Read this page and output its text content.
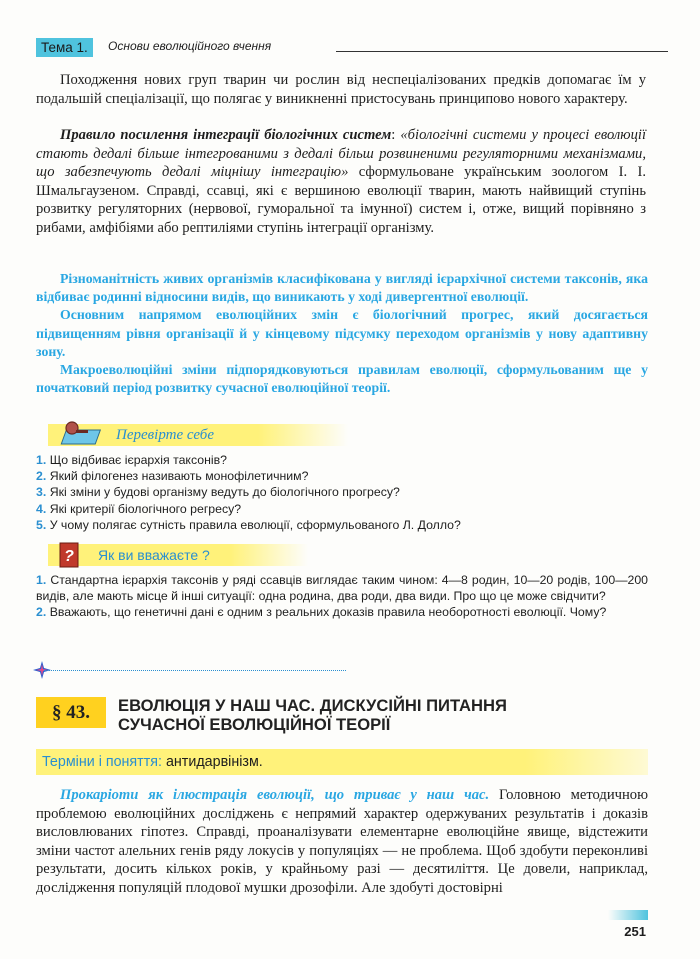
Тема 1.	Основи еволюційного вчення

Походження нових груп тварин чи рослин від неспеціалізованих предків допомагає їм у подальшій спеціалізації, що полягає у виникненні пристосувань принципово нового характеру.

Правило посилення інтеграції біологічних систем: «біологічні системи у процесі еволюції стають дедалі більше інтегрованими з дедалі більш розвиненими регуляторними механізмами, що забезпечують дедалі міцнішу інтеграцію» сформульоване українським зоологом І. І. Шмальгаузеном. Справді, ссавці, які є вершиною еволюції тварин, мають найвищий ступінь розвитку регуляторних (нервової, гуморальної та імунної) систем і, отже, вищий порівняно з рибами, амфібіями або рептиліями ступінь інтеграції організму.

Різноманітність живих організмів класифікована у вигляді ієрархічної системи таксонів, яка відбиває родинні відносини видів, що виникають у ході дивергентної еволюції.

Основним напрямом еволюційних змін є біологічний прогрес, який досягається підвищенням рівня організації й у кінцевому підсумку переходом організмів у нову адаптивну зону.

Макроеволюційні зміни підпорядковуються правилам еволюції, сформульованим ще у початковий період розвитку сучасної еволюційної теорії.

Перевірте себе
1. Що відбиває ієрархія таксонів?
2. Який філогенез називають монофілетичним?
3. Які зміни у будові організму ведуть до біологічного прогресу?
4. Які критерії біологічного регресу?
5. У чому полягає сутність правила еволюції, сформульованого Л. Долло?
? Як ви вважаєте ?
1. Стандартна ієрархія таксонів у ряді ссавців виглядає таким чином: 4—8 родин, 10—20 родів, 100—200 видів, але мають місце й інші ситуації: одна родина, два роди, два види. Про що це може свідчити?
2. Вважають, що генетичні дані є одним з реальних доказів правила необоротності еволюції. Чому?
§ 43.	ЕВОЛЮЦІЯ У НАШ ЧАС. ДИСКУСІЙНІ ПИТАННЯ
СУЧАСНОЇ ЕВОЛЮЦІЙНОЇ ТЕОРІЇ
Терміни і поняття: антидарвінізм.

Прокаріоти як ілюстрація еволюції, що триває у наш час. Головною методичною проблемою еволюційних досліджень є непрямий характер одержуваних результатів і доказів висловлюваних гіпотез. Справді, проаналізувати елементарне еволюційне явище, відстежити зміни частот алельних генів ряду локусів у популяціях — не проблема. Щоб здобути переконливі результати, досить кількох років, у крайньому разі — десятиліття. Це довели, наприклад, дослідження популяцій плодової мушки дрозофіли. Але здобуті достовірні

251
